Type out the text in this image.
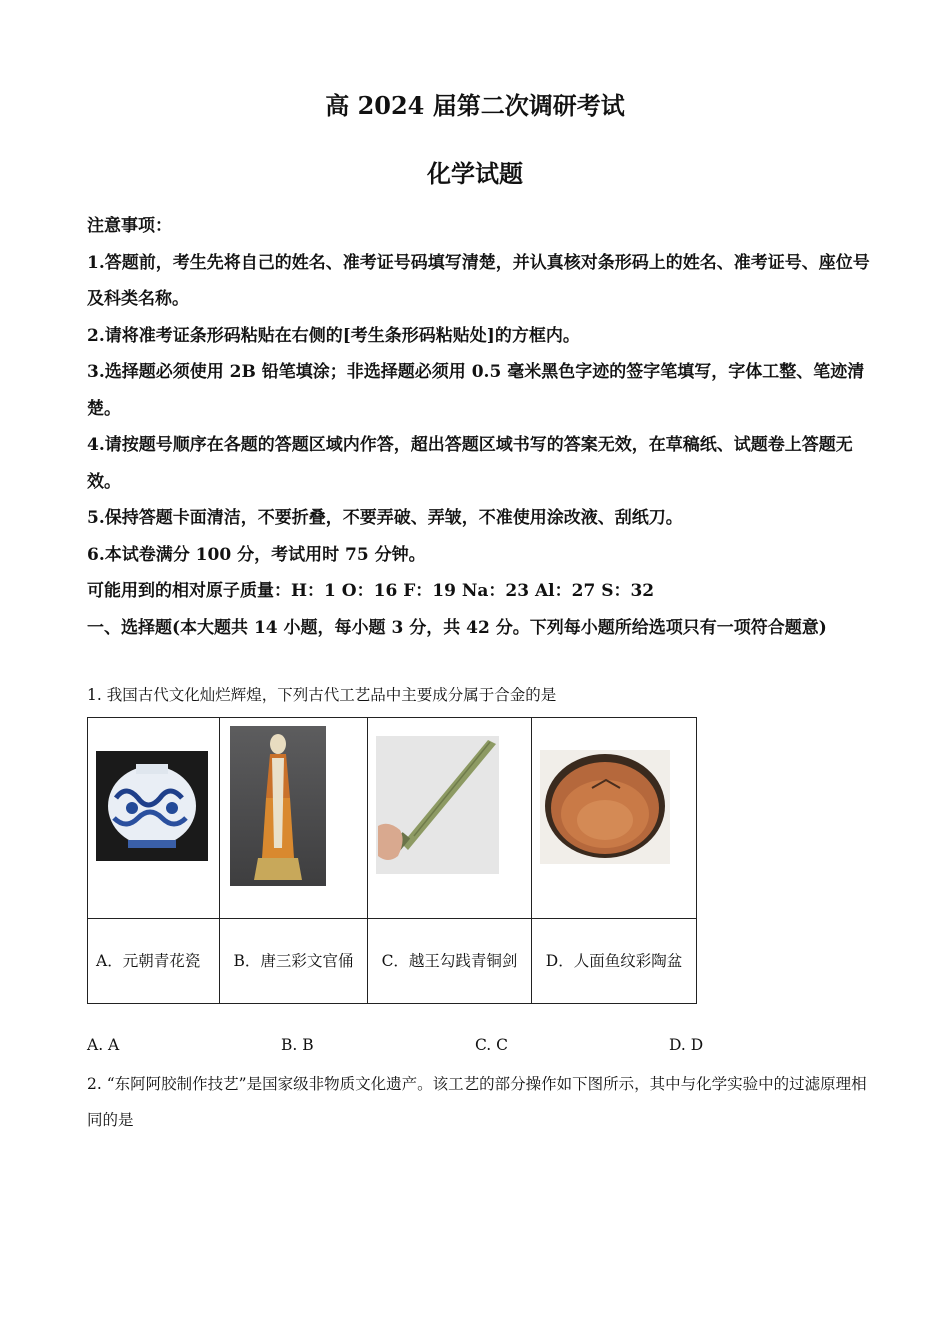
高 2024 届第二次调研考试
化学试题

注意事项：

1.答题前，考生先将自己的姓名、准考证号码填写清楚，并认真核对条形码上的姓名、准考证号、座位号及科类名称。

2.请将准考证条形码粘贴在右侧的[考生条形码粘贴处]的方框内。

3.选择题必须使用 2B 铅笔填涂；非选择题必须用 0.5 毫米黑色字迹的签字笔填写，字体工整、笔迹清楚。

4.请按题号顺序在各题的答题区域内作答，超出答题区域书写的答案无效，在草稿纸、试题卷上答题无效。

5.保持答题卡面清洁，不要折叠，不要弄破、弄皱，不准使用涂改液、刮纸刀。

6.本试卷满分 100 分，考试用时 75 分钟。

可能用到的相对原子质量：H：1 O：16 F：19 Na：23 Al：27 S：32

一、选择题(本大题共 14 小题，每小题 3 分，共 42 分。下列每小题所给选项只有一项符合题意)

1. 我国古代文化灿烂辉煌，下列古代工艺品中主要成分属于合金的是

A．元朝青花瓷	B．唐三彩文官俑	C．越王勾践青铜剑	D．人面鱼纹彩陶盆
A. A	B. B	C. C	D. D
2. “东阿阿胶制作技艺”是国家级非物质文化遗产。该工艺的部分操作如下图所示，其中与化学实验中的过滤原理相同的是
